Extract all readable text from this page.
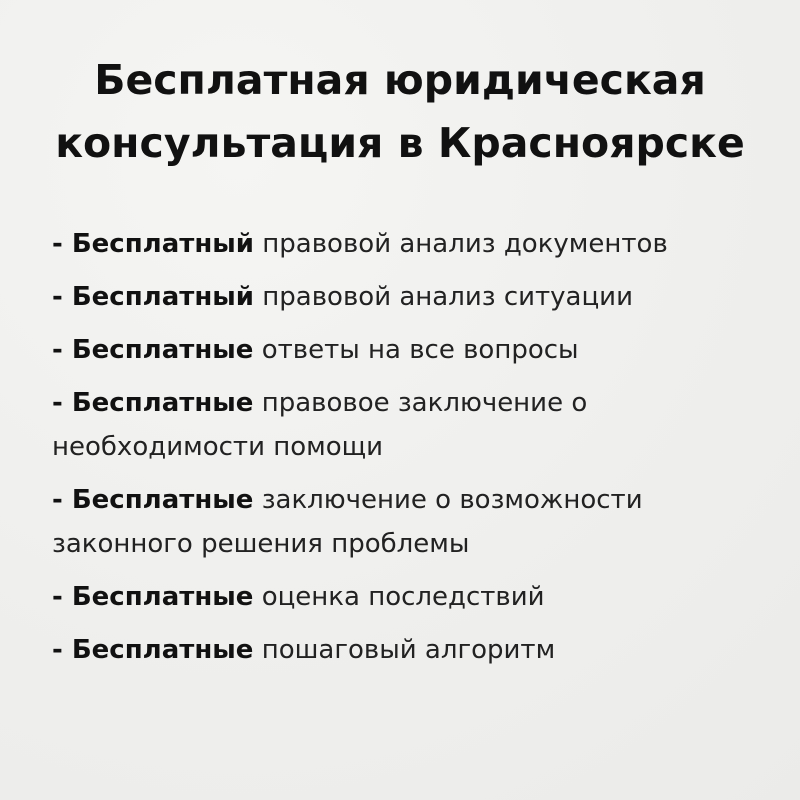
Бесплатная юридическая
консультация в Красноярске
- Бесплатный правовой анализ документов
- Бесплатный правовой анализ ситуации
- Бесплатные ответы на все вопросы
- Бесплатные правовое заключение о
необходимости помощи
- Бесплатные заключение о возможности
законного решения проблемы
- Бесплатные оценка последствий
- Бесплатные пошаговый алгоритм
